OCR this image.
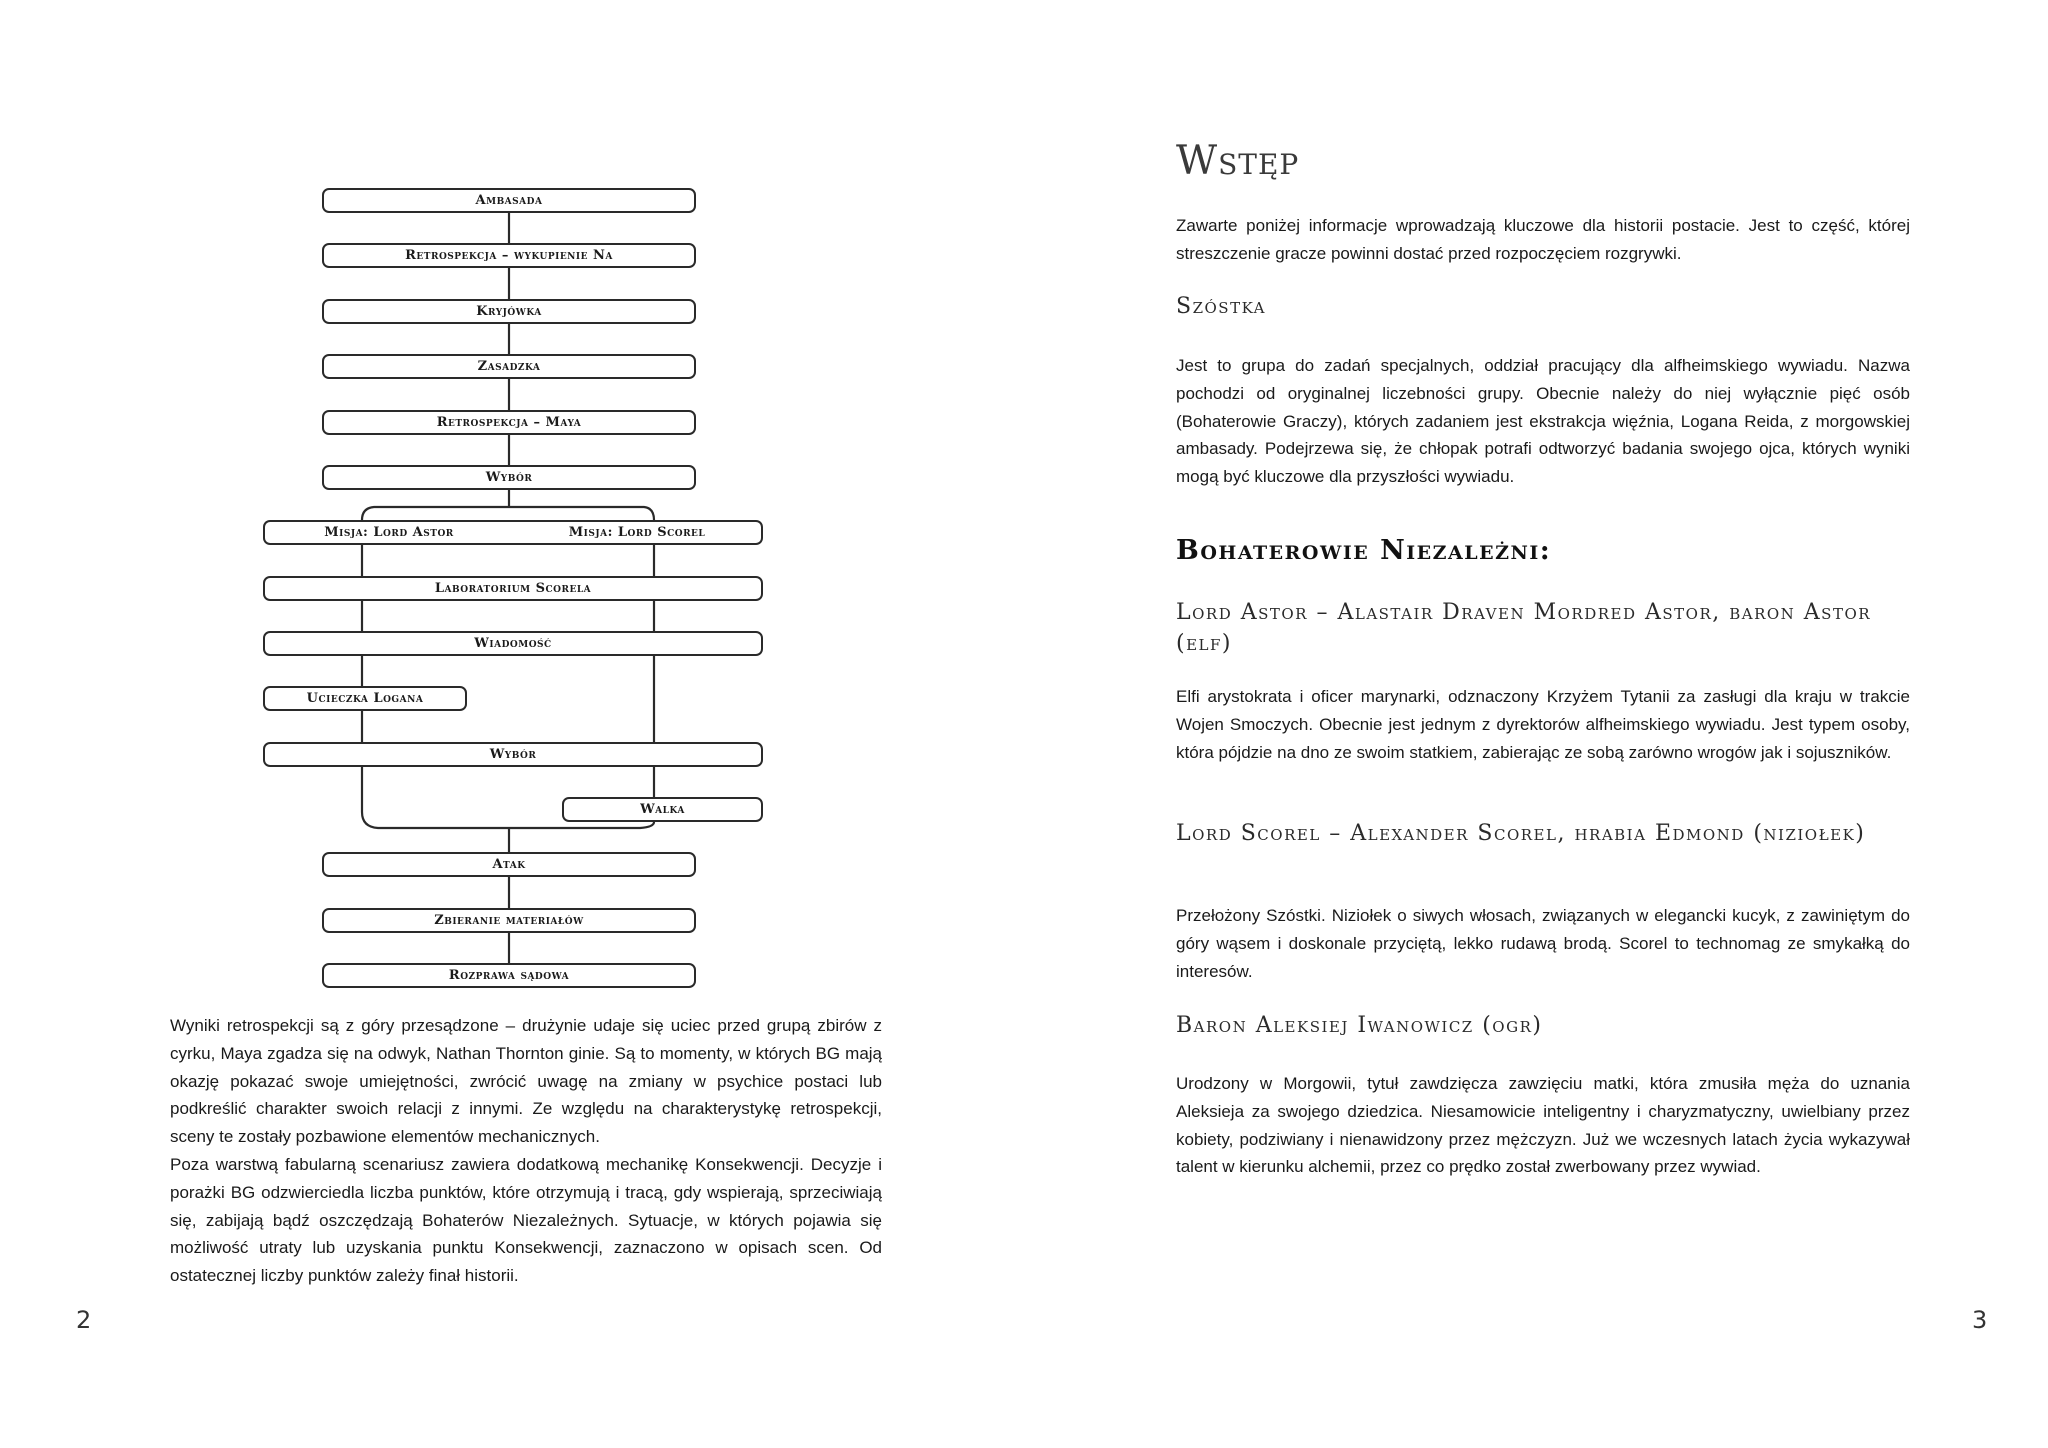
Ambasada
Retrospekcja – wykupienie Na
Kryjówka
Zasadzka
Retrospekcja – Maya
Wybór
Misja: Lord Astor	Misja: Lord Scorel
Laboratorium Scorela
Wiadomość
Ucieczka Logana
Wybór
Walka
Atak
Zbieranie materiałów
Rozprawa sądowa

Wyniki retrospekcji są z góry przesądzone – drużynie udaje się uciec przed grupą zbirów z cyrku, Maya zgadza się na odwyk, Nathan Thornton ginie. Są to momenty, w których BG mają okazję pokazać swoje umiejętności, zwrócić uwagę na zmiany w psychice postaci lub podkreślić charakter swoich relacji z innymi. Ze względu na charakterystykę retrospekcji, sceny te zostały pozbawione elementów mechanicznych.

Poza warstwą fabularną scenariusz zawiera dodatkową mechanikę Konsekwencji. Decyzje i porażki BG odzwierciedla liczba punktów, które otrzymują i tracą, gdy wspierają, sprzeciwiają się, zabijają bądź oszczędzają Bohaterów Niezależnych. Sytuacje, w których pojawia się możliwość utraty lub uzyskania punktu Konsekwencji, zaznaczono w opisach scen. Od ostatecznej liczby punktów zależy finał historii.

2
Wstęp

Zawarte poniżej informacje wprowadzają kluczowe dla historii postacie. Jest to część, której streszczenie gracze powinni dostać przed rozpoczęciem rozgrywki.

Szóstka

Jest to grupa do zadań specjalnych, oddział pracujący dla alfheimskiego wywiadu. Nazwa pochodzi od oryginalnej liczebności grupy. Obecnie należy do niej wyłącznie pięć osób (Bohaterowie Graczy), których zadaniem jest ekstrakcja więźnia, Logana Reida, z morgowskiej ambasady. Podejrzewa się, że chłopak potrafi odtworzyć badania swojego ojca, których wyniki mogą być kluczowe dla przyszłości wywiadu.

Bohaterowie Niezależni:
Lord Astor – Alastair Draven Mordred Astor, baron Astor (elf)

Elfi arystokrata i oficer marynarki, odznaczony Krzyżem Tytanii za zasługi dla kraju w trakcie Wojen Smoczych. Obecnie jest jednym z dyrektorów alfheimskiego wywiadu. Jest typem osoby, która pójdzie na dno ze swoim statkiem, zabierając ze sobą zarówno wrogów jak i sojuszników.

Lord Scorel – Alexander Scorel, hrabia Edmond (niziołek)

Przełożony Szóstki. Niziołek o siwych włosach, związanych w elegancki kucyk, z zawiniętym do góry wąsem i doskonale przyciętą, lekko rudawą brodą. Scorel to technomag ze smykałką do interesów.

Baron Aleksiej Iwanowicz (ogr)

Urodzony w Morgowii, tytuł zawdzięcza zawzięciu matki, która zmusiła męża do uznania Aleksieja za swojego dziedzica. Niesamowicie inteligentny i charyzmatyczny, uwielbiany przez kobiety, podziwiany i nienawidzony przez mężczyzn. Już we wczesnych latach życia wykazywał talent w kierunku alchemii, przez co prędko został zwerbowany przez wywiad.

3
